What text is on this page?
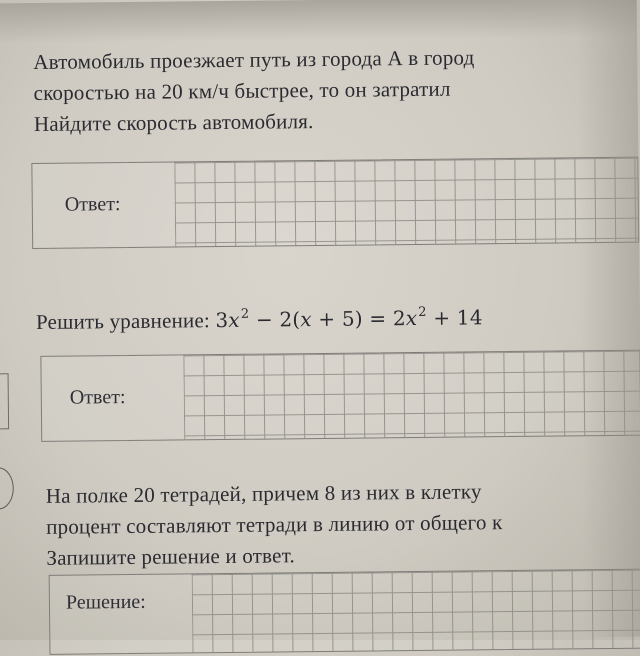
Автомобиль проезжает путь из города А в город
скоростью на 20 км/ч быстрее, то он затратил
Найдите скорость автомобиля.
Ответ:
Решить уравнение: $3x^2 - 2(x + 5) = 2x^2 + 14$
Ответ:
На полке 20 тетрадей, причем 8 из них в клетку
процент составляют тетради в линию от общего к
Запишите решение и ответ.
Решение:
